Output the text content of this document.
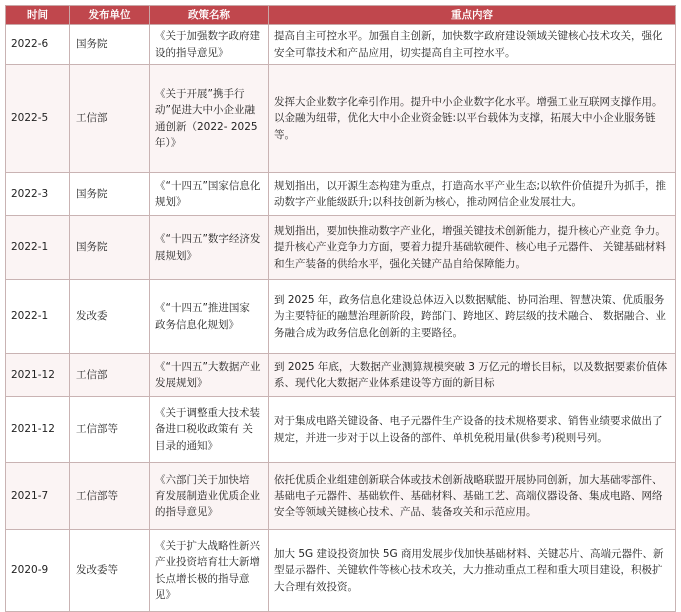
时间	发布单位	政策名称	重点内容
2022-6	国务院	《关于加强数字政府建设的指导意见》	提高自主可控水平。加强自主创新，加快数字政府建设领域关键核心技术攻关，强化安全可靠技术和产品应用，切实提高自主可控水平。
2022-5	工信部	《关于开展”携手行动”促进大中小企业融通创新（2022- 2025 年）》	发挥大企业数字化牵引作用。提升中小企业数字化水平。增强工业互联网支撑作用。以金融为纽带，优化大中小企业资金链:以平台载体为支撑，拓展大中小企业服务链等。
2022-3	国务院	《“十四五”国家信息化规划》	规划指出，以开源生态构建为重点，打造高水平产业生态;以软件价值提升为抓手，推动数字产业能级跃升;以科技创新为核心，推动网信企业发展壮大。
2022-1	国务院	《“十四五”数字经济发展规划》	规划指出，要加快推动数字产业化，增强关键技术创新能力，提升核心产业竞 争力。提升核心产业竞争力方面，要着力提升基础软硬件、核心电子元器件、 关键基础材料和生产装备的供给水平，强化关键产品自给保障能力。
2022-1	发改委	《“十四五”推进国家 政务信息化规划》	到 2025 年，政务信息化建设总体迈入以数据赋能、协同治理、智慧决策、优质服务为主要特征的融慧治理新阶段，跨部门、跨地区、跨层级的技术融合、 数据融合、业务融合成为政务信息化创新的主要路径。
2021-12	工信部	《“十四五”大数据产业发展规划》	到 2025 年底，大数据产业测算规模突破 3 万亿元的增长目标，以及数据要素价值体系、现代化大数据产业体系建设等方面的新目标
2021-12	工信部等	《关于调整重大技术装备进口税收政策有 关目录的通知》	对于集成电路关键设备、电子元器件生产设备的技术规格要求、销售业绩要求做出了规定，并进一步对于以上设备的部件、单机免税用量(供参考)税则号列。
2021-7	工信部等	《六部门关于加快培 育发展制造业优质企业的指导意见》	依托优质企业组建创新联合体或技术创新战略联盟开展协同创新，加大基础零部件、基础电子元器件、基础软件、基础材料、基础工艺、高端仪器设备、集成电路、网络安全等领域关键核心技术、产品、装备攻关和示范应用。
2020-9	发改委等	《关于扩大战略性新兴产业投资培育壮大新增长点增长极的指导意见》	加大 5G 建设投资加快 5G 商用发展步伐加快基础材料、关键芯片、高端元器件、新型显示器件、关键软件等核心技术攻关，大力推动重点工程和重大项目建设，积极扩大合理有效投资。
